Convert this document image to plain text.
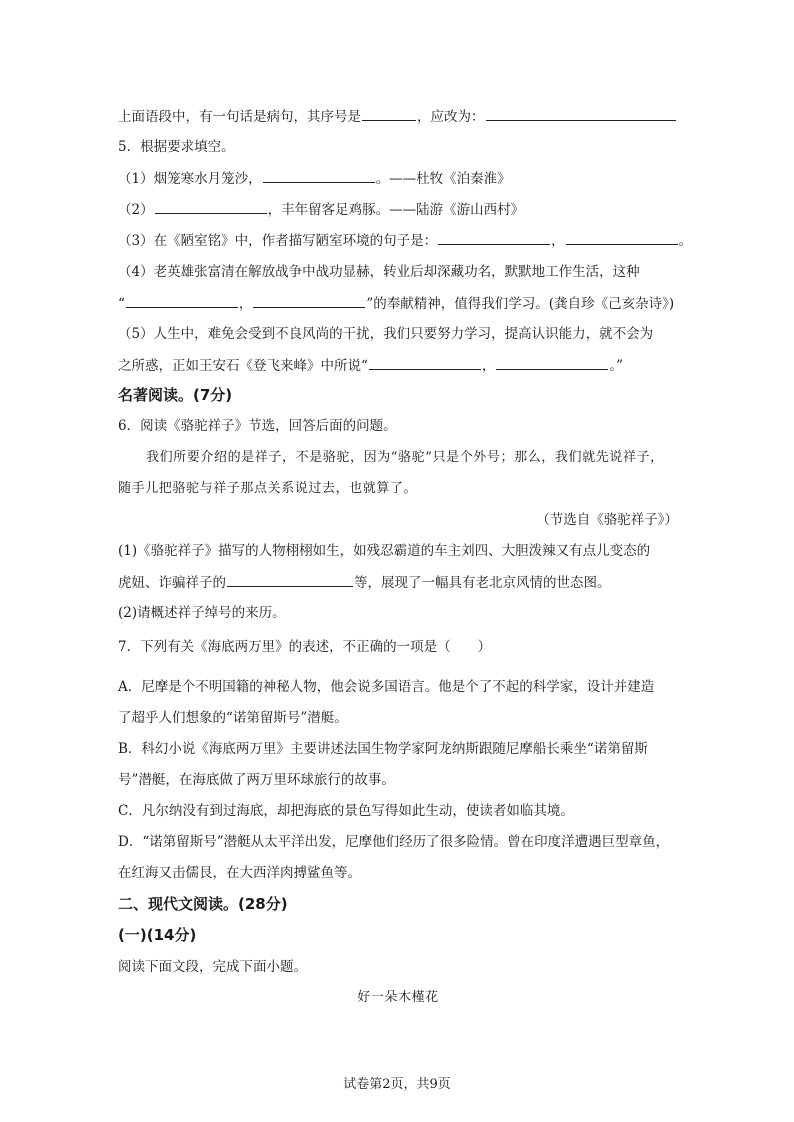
上面语段中，有一句话是病句，其序号是	，应改为：
5．根据要求填空。
（1）烟笼寒水月笼沙，	。——杜牧《泊秦淮》
（2）	，丰年留客足鸡豚。——陆游《游山西村》
（3）在《陋室铭》中，作者描写陋室环境的句子是：	，	。
（4）老英雄张富清在解放战争中战功显赫，转业后却深藏功名，默默地工作生活，这种
“	，	”的奉献精神，值得我们学习。(龚自珍《己亥杂诗》)
（5）人生中，难免会受到不良风尚的干扰，我们只要努力学习，提高认识能力，就不会为
之所惑，正如王安石《登飞来峰》中所说“	，	。”
名著阅读。(7分)
6．阅读《骆驼祥子》节选，回答后面的问题。
我们所要介绍的是祥子，不是骆驼，因为“骆驼”只是个外号；那么，我们就先说祥子，
随手儿把骆驼与祥子那点关系说过去，也就算了。
（节选自《骆驼祥子》）
(1)《骆驼祥子》描写的人物栩栩如生，如残忍霸道的车主刘四、大胆泼辣又有点儿变态的
虎妞、诈骗祥子的	等，展现了一幅具有老北京风情的世态图。
(2)请概述祥子绰号的来历。
7．下列有关《海底两万里》的表述，不正确的一项是（　　）
A．尼摩是个不明国籍的神秘人物，他会说多国语言。他是个了不起的科学家，设计并建造
了超乎人们想象的“诺第留斯号”潜艇。
B．科幻小说《海底两万里》主要讲述法国生物学家阿龙纳斯跟随尼摩船长乘坐“诺第留斯
号”潜艇，在海底做了两万里环球旅行的故事。
C．凡尔纳没有到过海底，却把海底的景色写得如此生动，使读者如临其境。
D．“诺第留斯号”潜艇从太平洋出发，尼摩他们经历了很多险情。曾在印度洋遭遇巨型章鱼，
在红海又击儒艮，在大西洋肉搏鲨鱼等。
二、现代文阅读。(28分)
(一)(14分)
阅读下面文段，完成下面小题。
好一朵木槿花
试卷第2页，共9页
